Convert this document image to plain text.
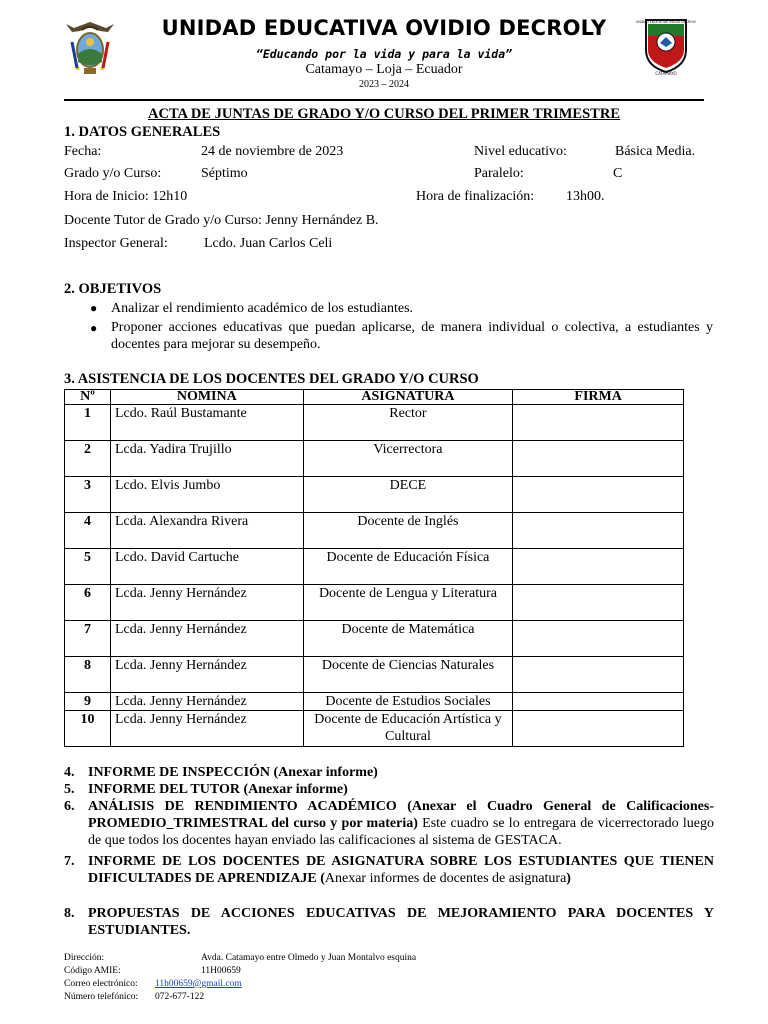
UNIDAD EDUCATIVA OVIDIO DECROLY
CATAMAYO
UNIDAD EDUCATIVA OVIDIO DECROLY
“Educando por la vida y para la vida”
Catamayo – Loja – Ecuador
2023 – 2024
ACTA DE JUNTAS DE GRADO Y/O CURSO DEL PRIMER TRIMESTRE
1. DATOS GENERALES
Fecha:	24 de noviembre de 2023	Nivel educativo:	Básica Media.
Grado y/o Curso:	Séptimo	Paralelo:	C
Hora de Inicio: 12h10	Hora de finalización: 13h00.
Docente Tutor de Grado y/o Curso: Jenny Hernández B.
Inspector General:	Lcdo. Juan Carlos Celi
2. OBJETIVOS
● Analizar el rendimiento académico de los estudiantes.
● Proponer acciones educativas que puedan aplicarse, de manera individual o colectiva, a estudiantes y docentes para mejorar su desempeño.
3. ASISTENCIA DE LOS DOCENTES DEL GRADO Y/O CURSO
Nº	NOMINA	ASIGNATURA	FIRMA
1	Lcdo. Raúl Bustamante	Rector	
2	Lcda. Yadira Trujillo	Vicerrectora	
3	Lcdo. Elvis Jumbo	DECE	
4	Lcda. Alexandra Rivera	Docente de Inglés	
5	Lcdo. David Cartuche	Docente de Educación Física	
6	Lcda. Jenny Hernández	Docente de Lengua y Literatura	
7	Lcda. Jenny Hernández	Docente de Matemática	
8	Lcda. Jenny Hernández	Docente de Ciencias Naturales	
9	Lcda. Jenny Hernández	Docente de Estudios Sociales	
10	Lcda. Jenny Hernández	Docente de Educación Artística y Cultural	
4. INFORME DE INSPECCIÓN (Anexar informe)
5. INFORME DEL TUTOR (Anexar informe)
6. ANÁLISIS DE RENDIMIENTO ACADÉMICO (Anexar el Cuadro General de Calificaciones-PROMEDIO_TRIMESTRAL del curso y por materia) Este cuadro se lo entregara de vicerrectorado luego de que todos los docentes hayan enviado las calificaciones al sistema de GESTACA.
7. INFORME DE LOS DOCENTES DE ASIGNATURA SOBRE LOS ESTUDIANTES QUE TIENEN DIFICULTADES DE APRENDIZAJE (Anexar informes de docentes de asignatura)
8. PROPUESTAS DE ACCIONES EDUCATIVAS DE MEJORAMIENTO PARA DOCENTES Y ESTUDIANTES.
Dirección:	Avda. Catamayo entre Olmedo y Juan Montalvo esquina
Código AMIE:	11H00659
Correo electrónico: 11h00659@gmail.com
Número telefónico: 072-677-122
